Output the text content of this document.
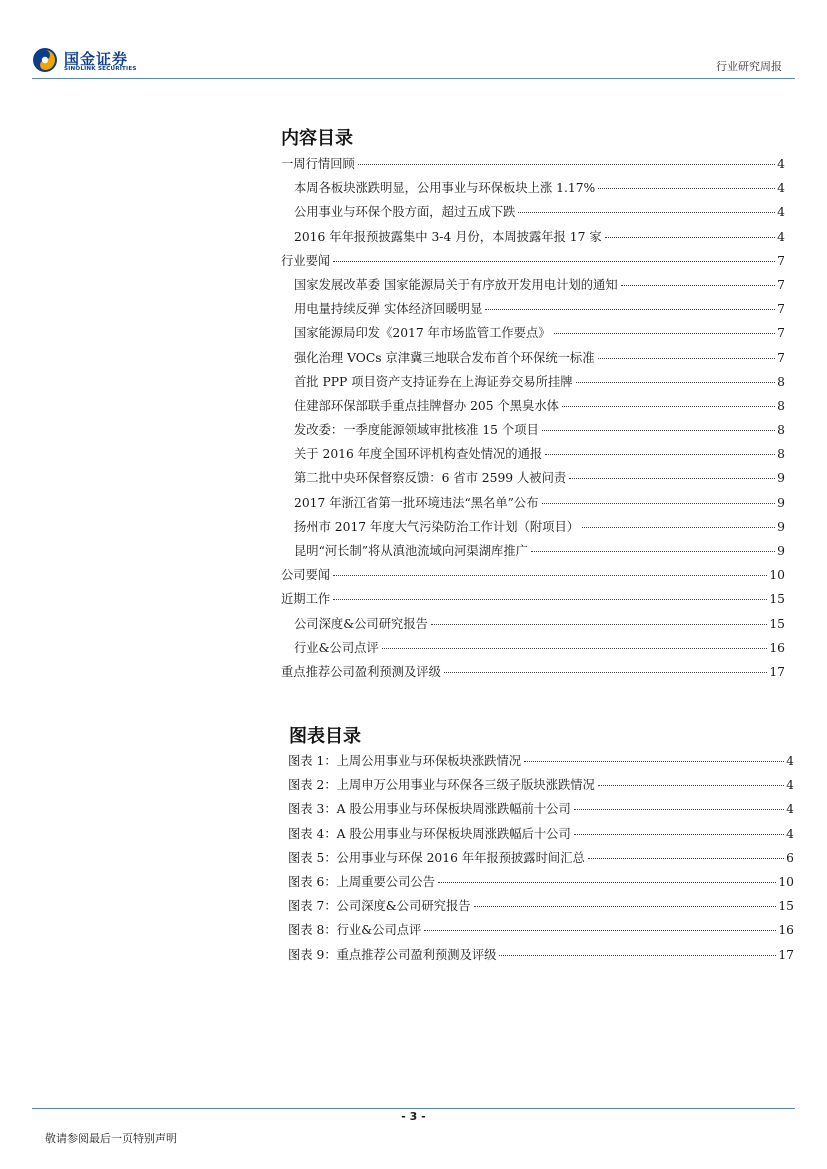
国金证券
SINOLINK SECURITIES	行业研究周报
内容目录
一周行情回顾	4
本周各板块涨跌明显，公用事业与环保板块上涨 1.17%	4
公用事业与环保个股方面，超过五成下跌	4
2016 年年报预披露集中 3-4 月份，本周披露年报 17 家	4
行业要闻	7
国家发展改革委 国家能源局关于有序放开发用电计划的通知	7
用电量持续反弹 实体经济回暖明显	7
国家能源局印发《2017 年市场监管工作要点》	7
强化治理 VOCs 京津冀三地联合发布首个环保统一标准	7
首批 PPP 项目资产支持证券在上海证券交易所挂牌	8
住建部环保部联手重点挂牌督办 205 个黑臭水体	8
发改委：一季度能源领域审批核准 15 个项目	8
关于 2016 年度全国环评机构查处情况的通报	8
第二批中央环保督察反馈：6 省市 2599 人被问责	9
2017 年浙江省第一批环境违法“黑名单”公布	9
扬州市 2017 年度大气污染防治工作计划（附项目）	9
昆明“河长制”将从滇池流域向河渠湖库推广	9
公司要闻	10
近期工作	15
公司深度&公司研究报告	15
行业&公司点评	16
重点推荐公司盈利预测及评级	17
图表目录
图表 1：上周公用事业与环保板块涨跌情况	4
图表 2：上周申万公用事业与环保各三级子版块涨跌情况	4
图表 3：A 股公用事业与环保板块周涨跌幅前十公司	4
图表 4：A 股公用事业与环保板块周涨跌幅后十公司	4
图表 5：公用事业与环保 2016 年年报预披露时间汇总	6
图表 6：上周重要公司公告	10
图表 7：公司深度&公司研究报告	15
图表 8：行业&公司点评	16
图表 9：重点推荐公司盈利预测及评级	17
- 3 -
敬请参阅最后一页特别声明
